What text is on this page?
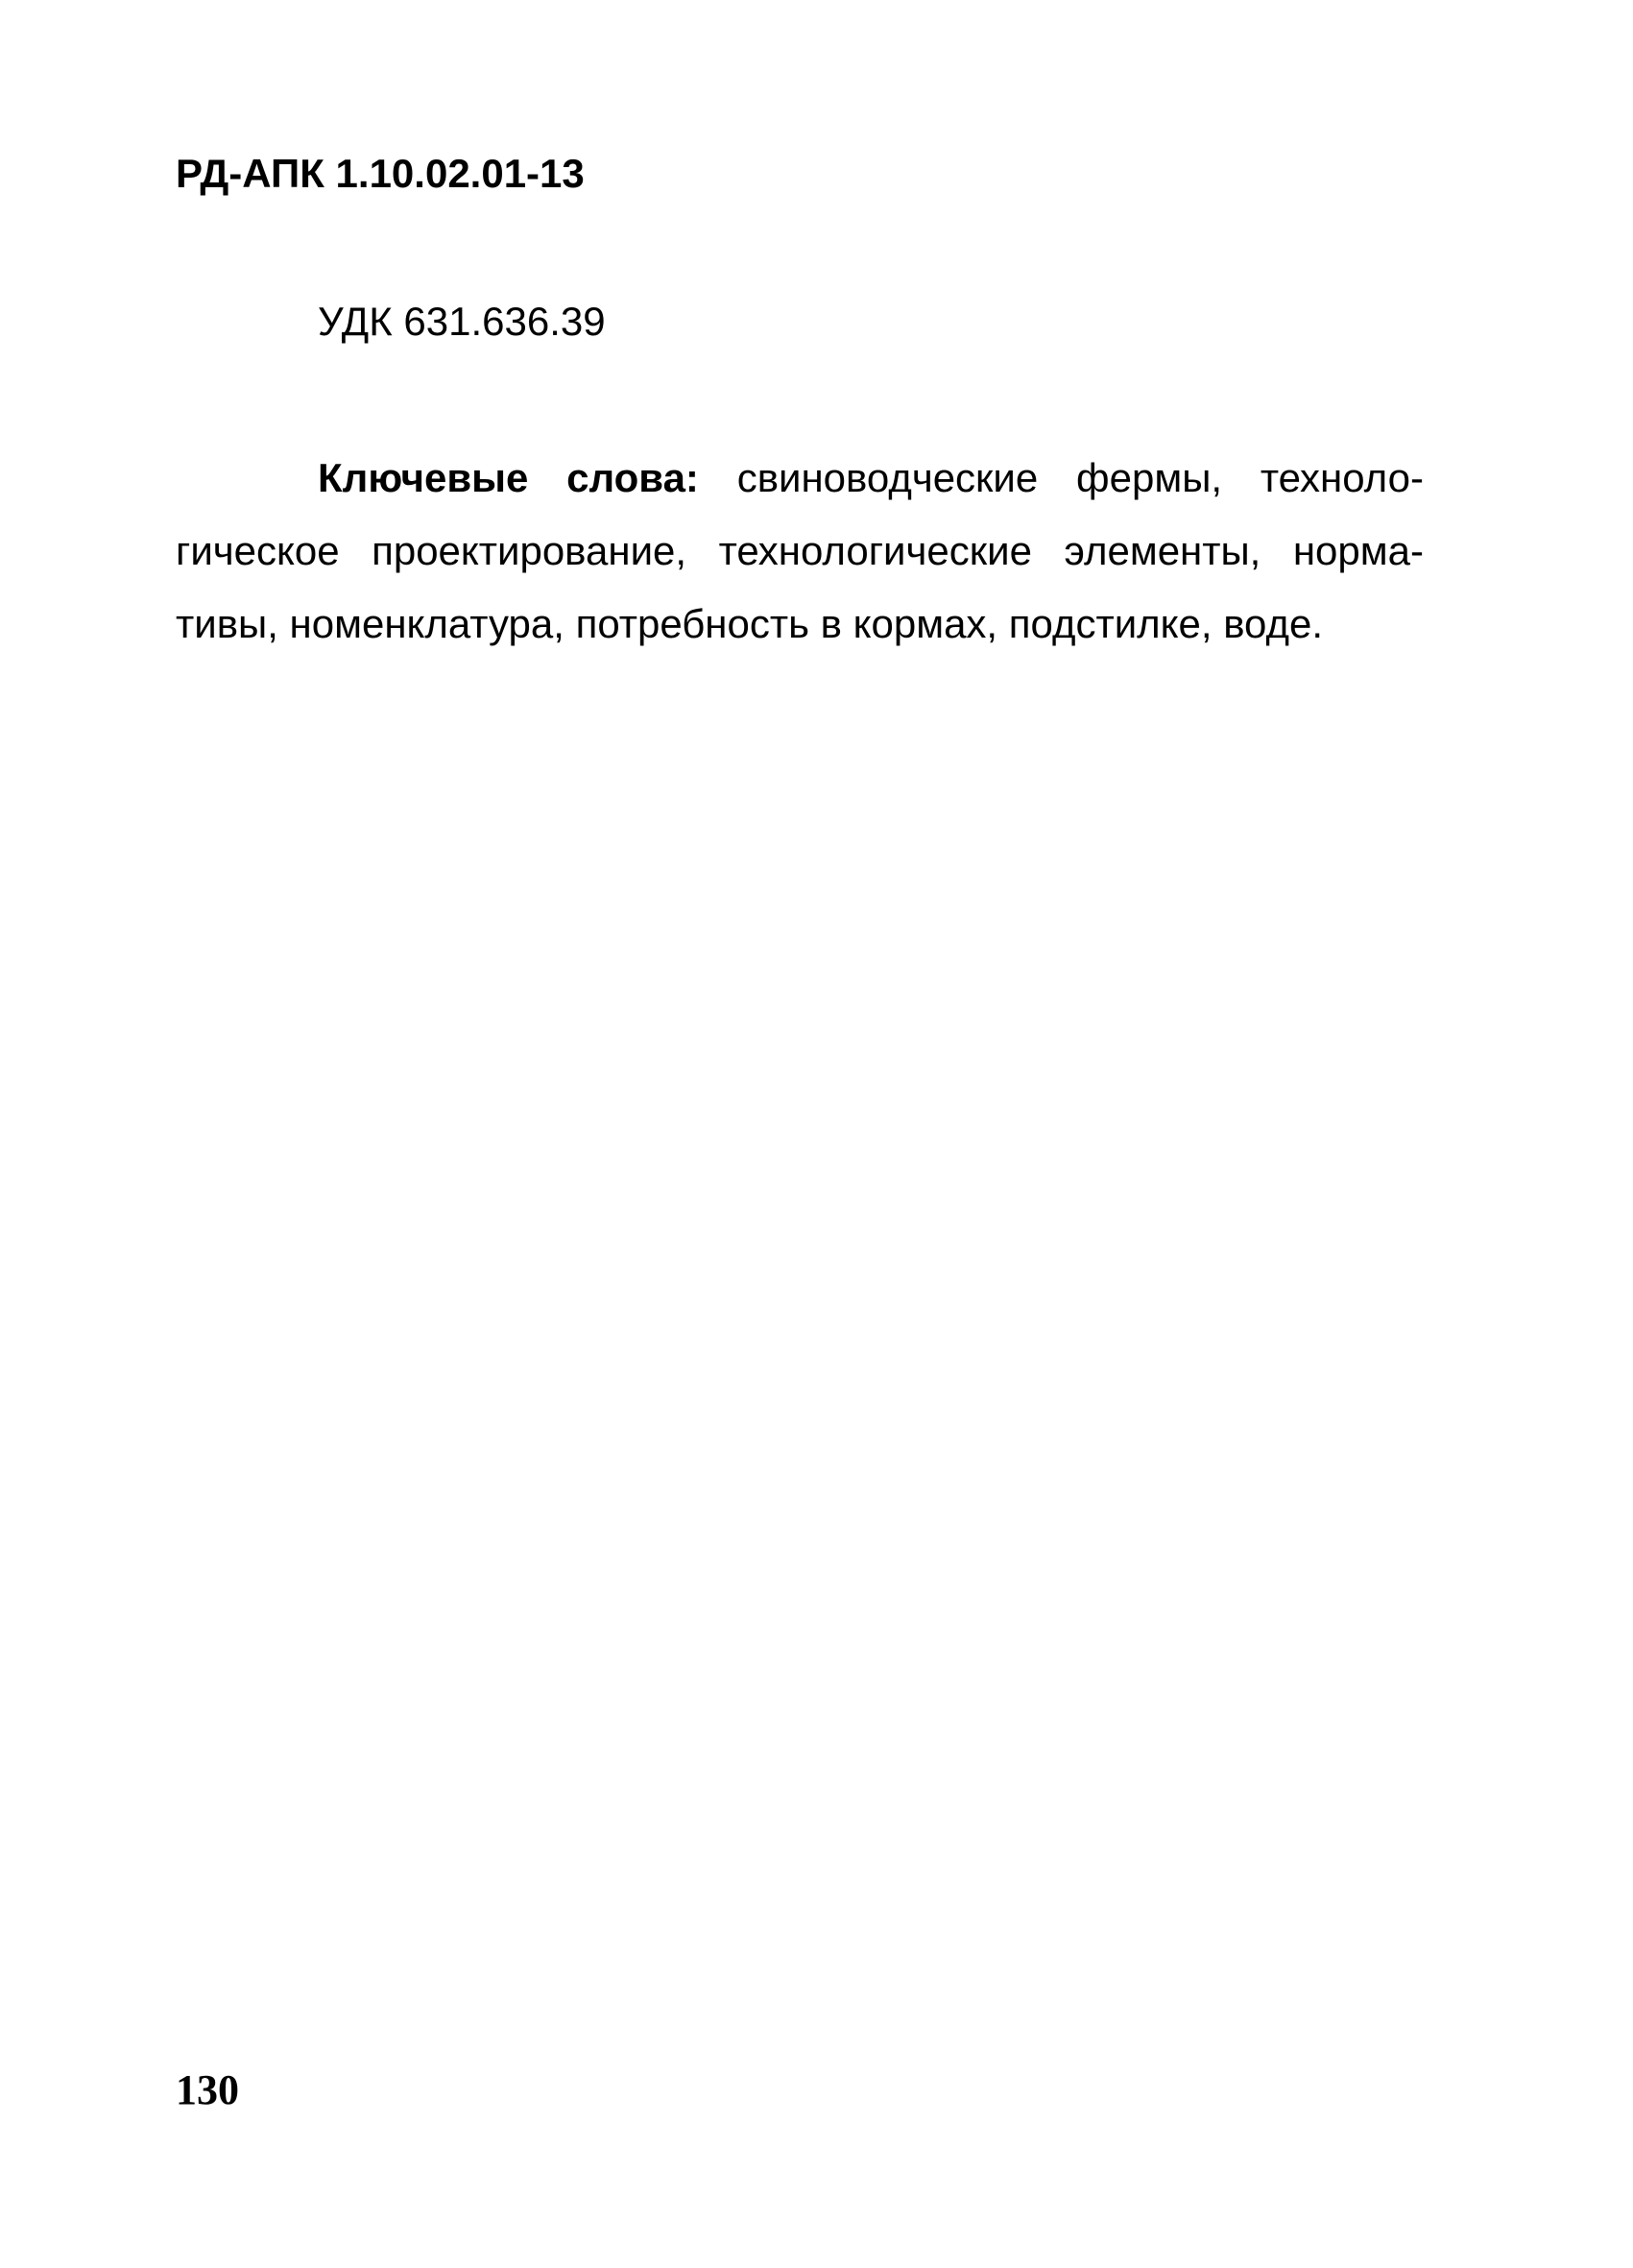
РД-АПК 1.10.02.01-13
УДК 631.636.39
Ключевые слова: свиноводческие фермы, техноло-
гическое проектирование, технологические элементы, норма-
тивы, номенклатура, потребность в кормах, подстилке, воде.
130
